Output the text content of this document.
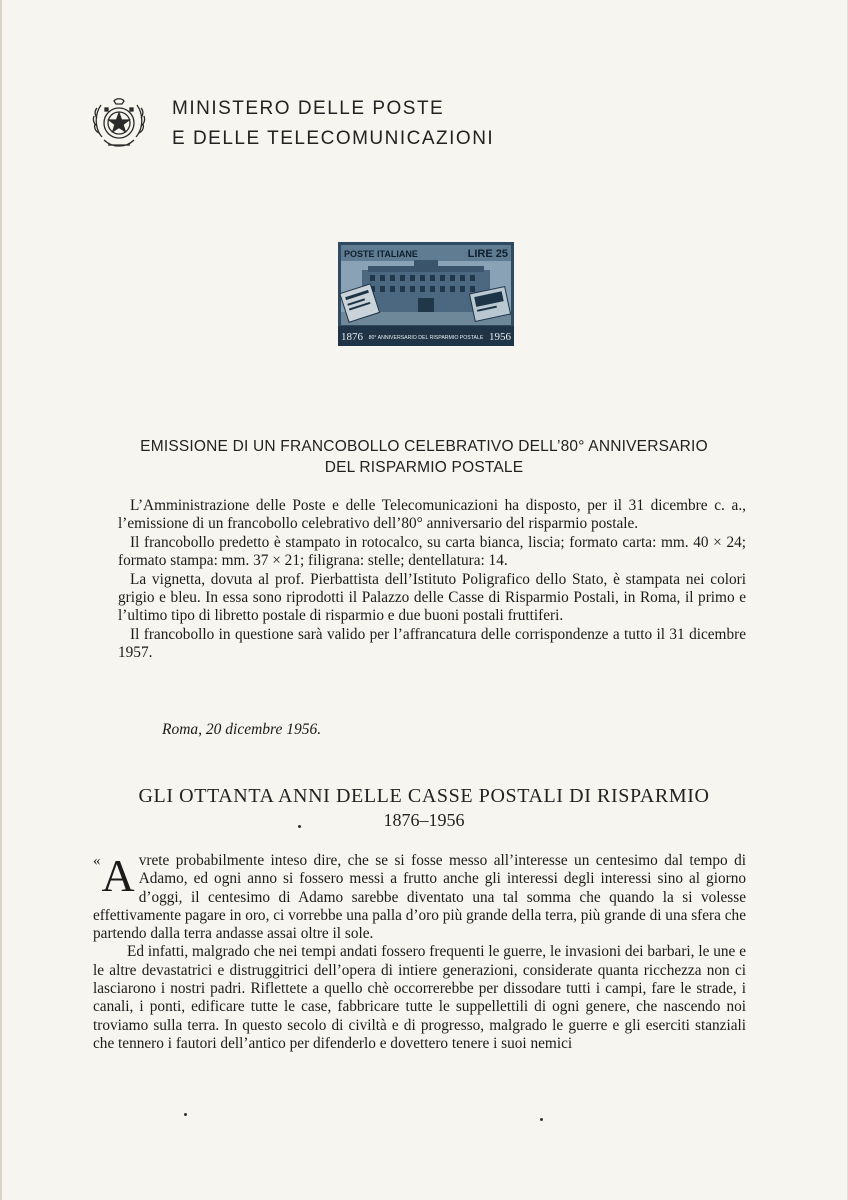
MINISTERO DELLE POSTE
E DELLE TELECOMUNICAZIONI
POSTE ITALIANE	LIRE 25
1876 80° ANNIVERSARIO DEL RISPARMIO POSTALE 1956
EMISSIONE DI UN FRANCOBOLLO CELEBRATIVO DELL’80° ANNIVERSARIO
DEL RISPARMIO POSTALE

L’Amministrazione delle Poste e delle Telecomunicazioni ha disposto, per il 31 dicembre c. a., l’emissione di un francobollo celebrativo dell’80° anniversario del risparmio postale.

Il francobollo predetto è stampato in rotocalco, su carta bianca, liscia; formato carta: mm. 40 × 24; formato stampa: mm. 37 × 21; filigrana: stelle; dentellatura: 14.

La vignetta, dovuta al prof. Pierbattista dell’Istituto Poligrafico dello Stato, è stampata nei colori grigio e bleu. In essa sono riprodotti il Palazzo delle Casse di Risparmio Postali, in Roma, il primo e l’ultimo tipo di libretto postale di risparmio e due buoni postali fruttiferi.

Il francobollo in questione sarà valido per l’affrancatura delle corrispondenze a tutto il 31 dicembre 1957.

Roma, 20 dicembre 1956.
GLI OTTANTA ANNI DELLE CASSE POSTALI DI RISPARMIO
1876–1956

« A vrete probabilmente inteso dire, che se si fosse messo all’interesse un centesimo dal tempo di Adamo, ed ogni anno si fossero messi a frutto anche gli interessi degli interessi sino al giorno d’oggi, il centesimo di Adamo sarebbe diventato una tal somma che quando la si volesse effettivamente pagare in oro, ci vorrebbe una palla d’oro più grande della terra, più grande di una sfera che partendo dalla terra andasse assai oltre il sole.

Ed infatti, malgrado che nei tempi andati fossero frequenti le guerre, le invasioni dei barbari, le une e le altre devastatrici e distruggitrici dell’opera di intiere generazioni, considerate quanta ricchezza non ci lasciarono i nostri padri. Riflettete a quello chè occorrerebbe per dissodare tutti i campi, fare le strade, i canali, i ponti, edificare tutte le case, fabbricare tutte le suppellettili di ogni genere, che nascendo noi troviamo sulla terra. In questo secolo di civiltà e di progresso, malgrado le guerre e gli eserciti stanziali che tennero i fautori dell’antico per difenderlo e dovettero tenere i suoi nemici
